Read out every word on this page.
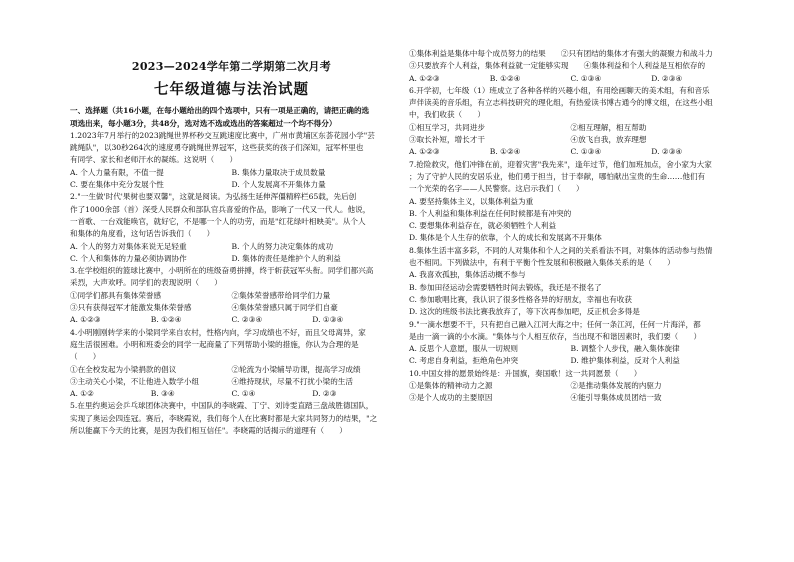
2023—2024学年第二学期第二次月考
七年级道德与法治试题
一、选择题（共16小题，在每小题给出的四个选项中，只有一项是正确的，请把正确的选
项选出来，每小题3分，共48分，选对选不选或选出的答案超过一个均不得分）
1.2023年7月举行的2023跳绳世界杯秒交互跳速度比赛中，广州市黄埔区东荟花园小学"芸
跳绳队"，以30秒264次的速度勇夺跳绳世界冠军，这些获奖的孩子们深知，冠军杯里也
有同学、家长和老师汗水的凝练。这说明（　　）
A. 个人力量有限，不值一提	B. 集体力量取决于成员数量
C. 要在集体中充分发展个性	D. 个人发展离不开集体力量
2."一生做'时代'果树也要双馨"，这就是阅读。为弘扬生延伸浑僵精粹栏65载，先后创
作了1000余部（首）深受人民群众和部队官兵喜爱的作品，影响了一代又一代人。他说，
一首歌、一台戏能唤官，就好它，不是哪一个人的功劳，而是"红花绿叶相映美"。从个人
和集体的角度看，这句话告诉我们（　　）
A. 个人的努力对集体来说无足轻重	B. 个人的努力决定集体的成功
C. 个人和集体的力量必须协调协作	D. 集体的责任是维护个人的利益
3.在学校组织的篮球比赛中，小明所在的班级奋勇拼搏，终于斩获冠军头衔。同学们都兴高
采烈，大声欢呼。同学们的表现说明（　　）
①同学们都具有集体荣誉感	②集体荣誉感带给同学们力量
③只有获得冠军才能激发集体荣誉感	④集体荣誉感只属于同学们自豪
A. ①②③	B. ①②④	C. ②③④	D. ①③④
4.小明刚刚转学来的小梁同学来自农村，性格内向，学习成绩也不好，而且父母离异，家
庭生活很困难。小明和班委会的同学一起商量了下列帮助小梁的措施，你认为合理的是
（　　）
①在全校发起为小梁捐款的倡议	②轮流为小梁辅导功课，提高学习成绩
③主动关心小梁，不让他进入数学小组	④维持现状，尽量不打扰小梁的生活
A. ①②	B. ③④	C. ①④	D. ②③
5.在里约奥运会乒乓球团体决赛中，中国队的李晓霞、丁宁、刘诗雯直踏三盘战胜德国队，
实现了奥运会四连冠。赛后，李晓霞说，我们每个人在比赛时都是大家共同努力的结果，"之
所以能赢下今天的比赛，是因为我们相互信任"。李晓霞的话揭示的道理有（　　）
①集体利益是集体中每个成员努力的结果　　②只有团结的集体才有强大的凝聚力和战斗力
③只要放弃个人利益，集体利益就一定能够实现　　④集体利益和个人利益是互相依存的
A. ①②③	B. ①②④	C. ①③④	D. ②③④
6.开学初，七年级（1）班成立了各种各样的兴趣小组，有用绘画聊天的美术组，有和音乐
声伴读美的音乐组，有立志科技研究的理化组，有热爱读书博古通今的博文组，在这些小组
中，我们收获（　　）
①相互学习，共同进步	②相互理解，相互帮助
③取长补短，增长才干	④放飞自我，放弃理想
A. ①②③	B. ①②④	C. ①③④	D. ②③④
7.抢险救灾，他们冲锋在前，迎着灾害"我先来"，逢年过节，他们加班加点，舍小家为大家
；为了守护人民的安居乐业，他们勇于担当，甘于奉献，哪怕献出宝贵的生命……他们有
一个光荣的名字——人民警察。这启示我们（　　）
A. 要坚持集体主义，以集体利益为重
B. 个人利益和集体利益在任何时候都是有冲突的
C. 要想集体利益存在，就必须牺牲个人利益
D. 集体是个人生存的依靠，个人的成长和发展离不开集体
8.集体生活丰富多彩，不同的人对集体和个人之间的关系看法不同，对集体的活动参与热情
也不相同。下列做法中，有利于平衡个性发展和积极融入集体关系的是（　　）
A. 我喜欢孤独，集体活动概不参与
B. 参加田径运动会需要牺牲时间去锻炼，我还是不报名了
C. 参加歌唱比赛，我认识了很多性格各异的好朋友，幸福也有收获
D. 这次的班级书法比赛我放弃了，等下次再参加吧，反正机会多得是
9."一滴水想要不干，只有把自己融入江河大海之中；任何一条江河，任何一片海洋，都
是由一滴一滴的小水滴。"集体与个人相互依存，当出现不和谐因素时，我们要（　　）
A. 反思个人意愿，服从一切规则	B. 调整个人步伐，融入集体旋律
C. 考虑自身利益，拒绝角色冲突	D. 维护集体利益，反对个人利益
10.中国女排的愿景始终是：升国旗，奏国歌！这一共同愿景（　　）
①是集体的精神动力之源	②是推动集体发展的内驱力
③是个人成功的主要原因	④能引导集体成员团结一致
